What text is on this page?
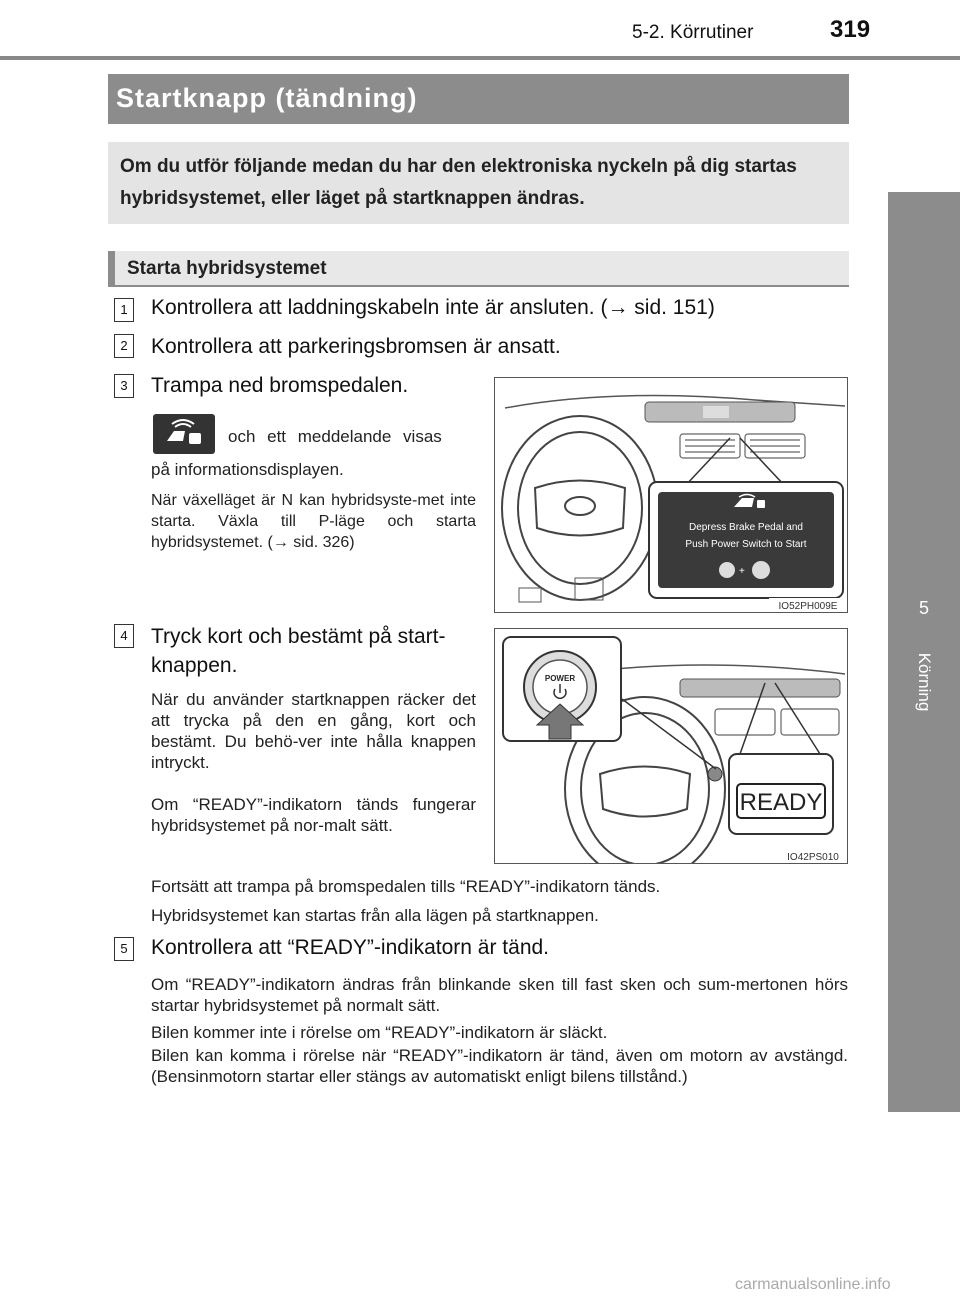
5-2. Körrutiner	319
5
Körning
Startknapp (tändning)
Om du utför följande medan du har den elektroniska nyckeln på dig startas hybridsystemet, eller läget på startknappen ändras.
Starta hybridsystemet
1	Kontrollera att laddningskabeln inte är ansluten. (→ sid. 151)
2	Kontrollera att parkeringsbromsen är ansatt.
3	Trampa ned bromspedalen.
och ett meddelande visas
på informationsdisplayen.
När växelläget är N kan hybridsyste-met inte starta. Växla till P-läge och starta hybridsystemet. (→ sid. 326)
Depress Brake Pedal and
Push Power Switch to Start
+
IO52PH009E
4	Tryck kort och bestämt på start-
knappen.
När du använder startknappen räcker det att trycka på den en gång, kort och bestämt. Du behö-ver inte hålla knappen intryckt.
Om “READY”-indikatorn tänds fungerar hybridsystemet på nor-malt sätt.
Fortsätt att trampa på bromspedalen tills “READY”-indikatorn tänds.
Hybridsystemet kan startas från alla lägen på startknappen.
POWER
READY
IO42PS010
5	Kontrollera att “READY”-indikatorn är tänd.
Om “READY”-indikatorn ändras från blinkande sken till fast sken och sum-mertonen hörs startar hybridsystemet på normalt sätt.
Bilen kommer inte i rörelse om “READY”-indikatorn är släckt.
Bilen kan komma i rörelse när “READY”-indikatorn är tänd, även om motorn av avstängd. (Bensinmotorn startar eller stängs av automatiskt enligt bilens tillstånd.)
carmanualsonline.info
